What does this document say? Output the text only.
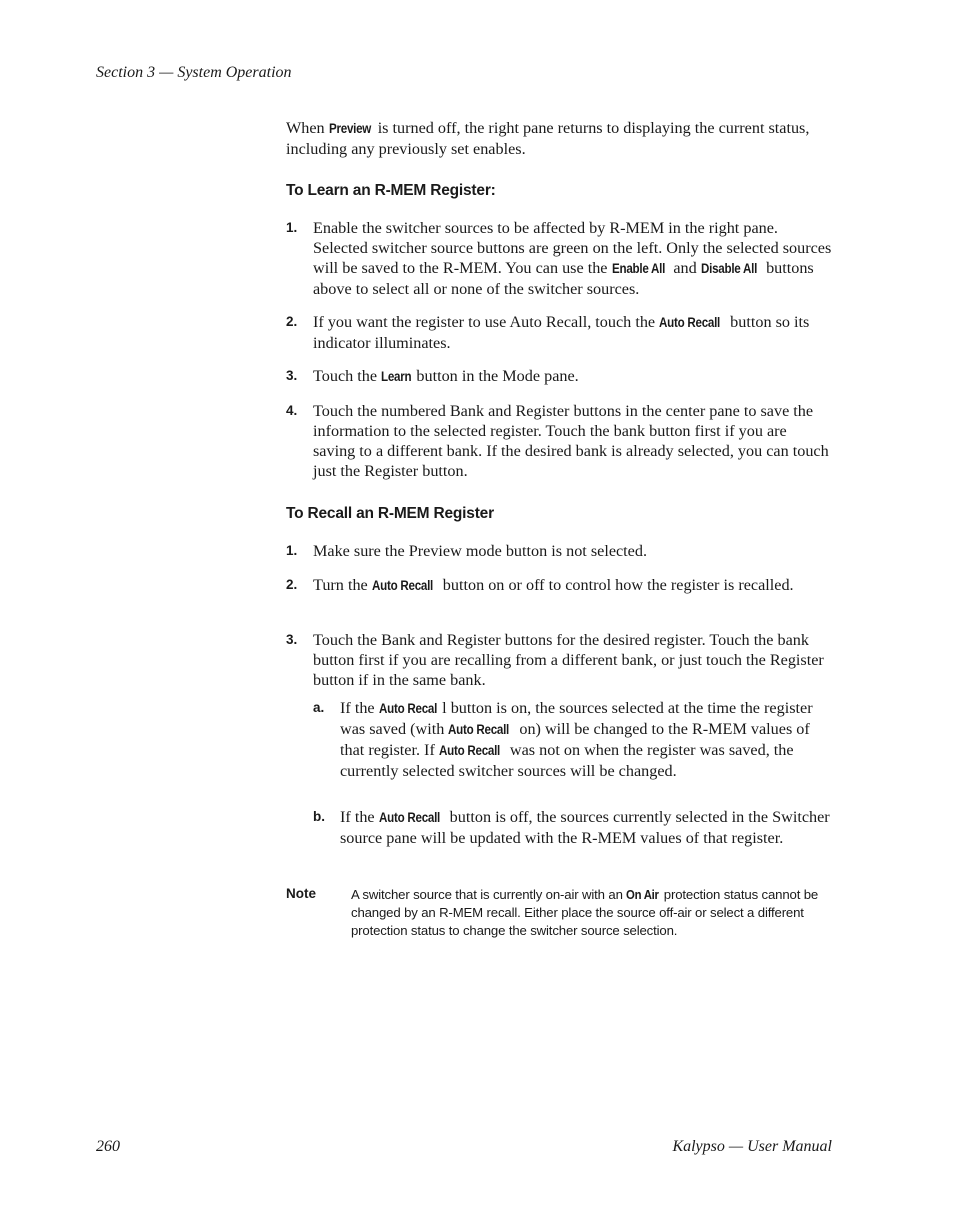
Section 3 — System Operation
When Preview is turned off, the right pane returns to displaying the current status, including any previously set enables.
To Learn an R-MEM Register:
1. Enable the switcher sources to be affected by R-MEM in the right pane. Selected switcher source buttons are green on the left. Only the selected sources will be saved to the R-MEM. You can use the Enable All and Disable All buttons above to select all or none of the switcher sources.
2. If you want the register to use Auto Recall, touch the Auto Recall button so its indicator illuminates.
3. Touch the Learn button in the Mode pane.
4. Touch the numbered Bank and Register buttons in the center pane to save the information to the selected register. Touch the bank button first if you are saving to a different bank. If the desired bank is already selected, you can touch just the Register button.
To Recall an R-MEM Register
1. Make sure the Preview mode button is not selected.
2. Turn the Auto Recall button on or off to control how the register is recalled.
3. Touch the Bank and Register buttons for the desired register. Touch the bank button first if you are recalling from a different bank, or just touch the Register button if in the same bank.
a. If the Auto Recal l button is on, the sources selected at the time the register was saved (with Auto Recall on) will be changed to the R-MEM values of that register. If Auto Recall was not on when the register was saved, the currently selected switcher sources will be changed.
b. If the Auto Recall button is off, the sources currently selected in the Switcher source pane will be updated with the R-MEM values of that register.
Note	A switcher source that is currently on-air with an On Air protection status cannot be changed by an R-MEM recall. Either place the source off-air or select a different protection status to change the switcher source selection.
260	Kalypso — User Manual
